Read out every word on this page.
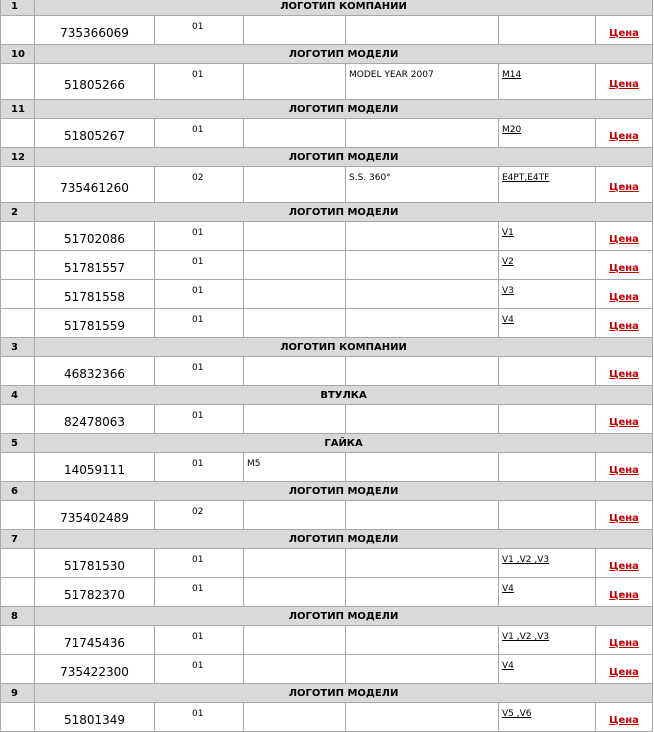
1	ЛОГОТИП КОМПАНИИ					
	735366069	01				Цена
10	ЛОГОТИП МОДЕЛИ					
	51805266	01		MODEL YEAR 2007	M14	Цена
11	ЛОГОТИП МОДЕЛИ					
	51805267	01			M20	Цена
12	ЛОГОТИП МОДЕЛИ					
	735461260	02		S.S. 360°	E4PT,E4TF	Цена
2	ЛОГОТИП МОДЕЛИ					
	51702086	01			V1	Цена
	51781557	01			V2	Цена
	51781558	01			V3	Цена
	51781559	01			V4	Цена
3	ЛОГОТИП КОМПАНИИ					
	46832366	01				Цена
4	ВТУЛКА					
	82478063	01				Цена
5	ГАЙКА					
	14059111	01	M5			Цена
6	ЛОГОТИП МОДЕЛИ					
	735402489	02				Цена
7	ЛОГОТИП МОДЕЛИ					
	51781530	01			V1 ,V2 ,V3	Цена
	51782370	01			V4	Цена
8	ЛОГОТИП МОДЕЛИ					
	71745436	01			V1 ,V2 ,V3	Цена
	735422300	01			V4	Цена
9	ЛОГОТИП МОДЕЛИ					
	51801349	01			V5 ,V6	Цена
